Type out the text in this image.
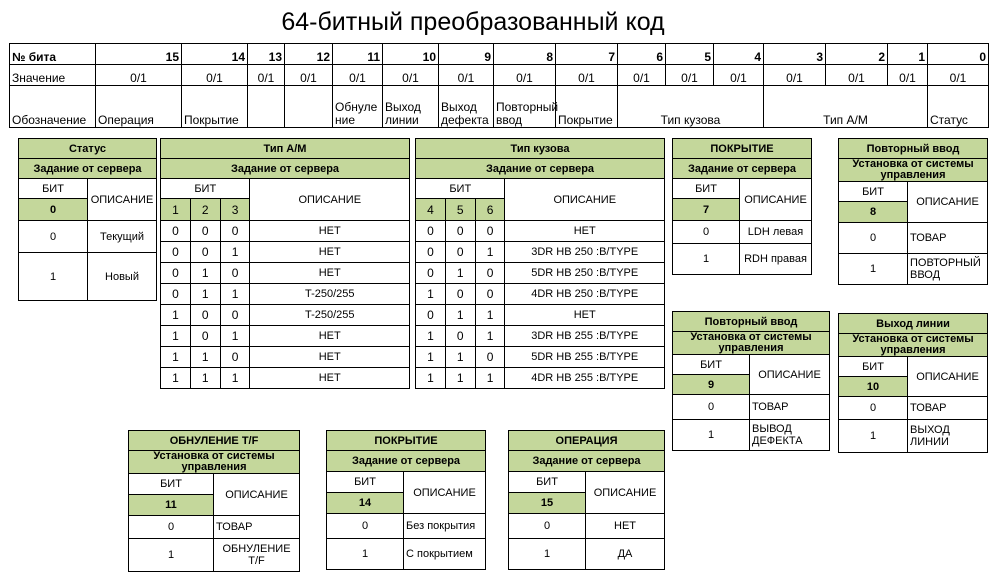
64-битный преобразованный код
№ бита	15	14	13	12	11	10	9	8	7	6	5	4	3	2	1	0
Значение	0/1	0/1	0/1	0/1	0/1	0/1	0/1	0/1	0/1	0/1	0/1	0/1	0/1	0/1	0/1	0/1
Обозначение	Операция	Покрытие			Обнуление	Выход линии	Выход дефекта	Повторный ввод	Покрытие	Тип кузова			Тип А/М			Статус
Статус	
Задание от сервера	
БИТ	ОПИСАНИЕ
0	
0	Текущий
1	Новый
Тип А/М			
Задание от сервера			
БИТ			ОПИСАНИЕ
1	2	3	
0	0	0	НЕТ
0	0	1	НЕТ
0	1	0	НЕТ
0	1	1	T-250/255
1	0	0	T-250/255
1	0	1	НЕТ
1	1	0	НЕТ
1	1	1	НЕТ
Тип кузова			
Задание от сервера			
БИТ			ОПИСАНИЕ
4	5	6	
0	0	0	НЕТ
0	0	1	3DR HB 250 :B/TYPE
0	1	0	5DR HB 250 :B/TYPE
1	0	0	4DR HB 250 :B/TYPE
0	1	1	НЕТ
1	0	1	3DR HB 255 :B/TYPE
1	1	0	5DR HB 255 :B/TYPE
1	1	1	4DR HB 255 :B/TYPE
ПОКРЫТИЕ	
Задание от сервера	
БИТ	ОПИСАНИЕ
7	
0	LDH левая
1	RDH правая
Повторный ввод	
Установка от системы управления	
БИТ	ОПИСАНИЕ
8	
0	ТОВАР
1	ПОВТОРНЫЙ ВВОД
Повторный ввод	
Установка от системы управления	
БИТ	ОПИСАНИЕ
9	
0	ТОВАР
1	ВЫВОД ДЕФЕКТА
Выход линии	
Установка от системы управления	
БИТ	ОПИСАНИЕ
10	
0	ТОВАР
1	ВЫХОД ЛИНИИ
ОБНУЛЕНИЕ T/F	
Установка от системы управления	
БИТ	ОПИСАНИЕ
11	
0	ТОВАР
1	ОБНУЛЕНИЕ T/F
ПОКРЫТИЕ	
Задание от сервера	
БИТ	ОПИСАНИЕ
14	
0	Без покрытия
1	С покрытием
ОПЕРАЦИЯ	
Задание от сервера	
БИТ	ОПИСАНИЕ
15	
0	НЕТ
1	ДА
